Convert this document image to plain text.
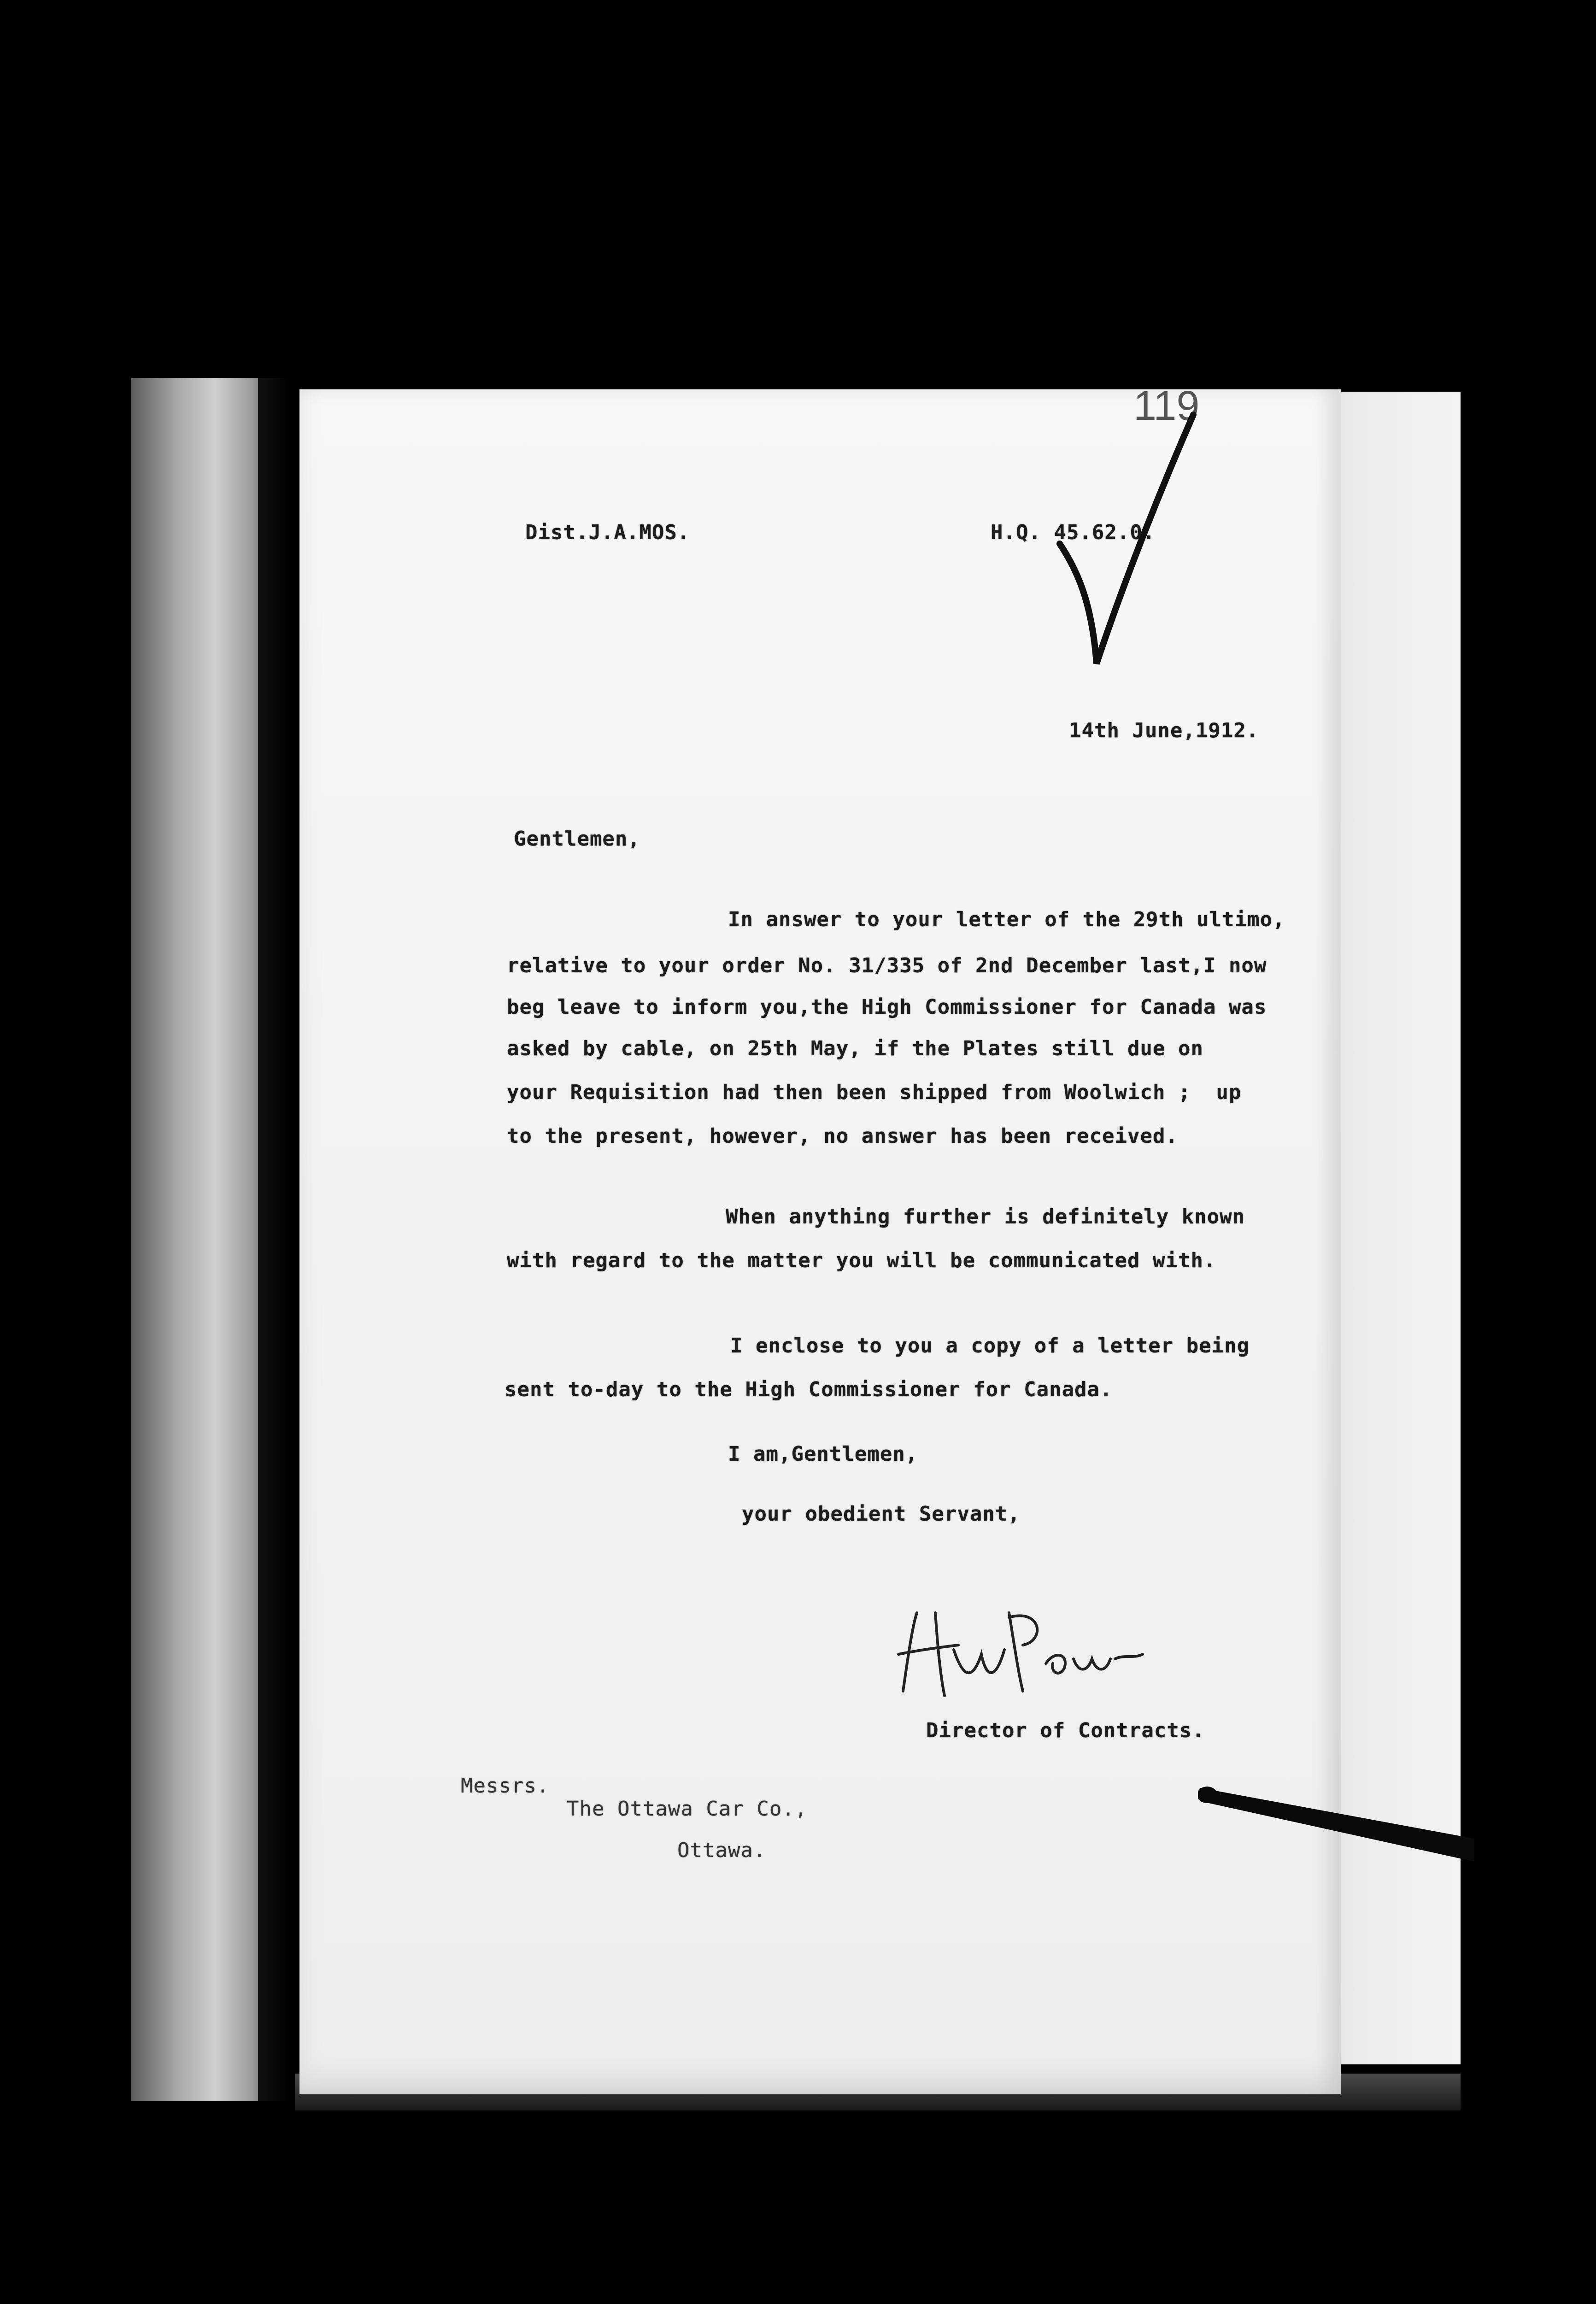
119
Dist.J.A.MOS.	H.Q. 45.62.0.
14th June,1912.
Gentlemen,
In answer to your letter of the 29th ultimo,
relative to your order No. 31/335 of 2nd December last,I now
beg leave to inform you,the High Commissioner for Canada was
asked by cable, on 25th May, if the Plates still due on
your Requisition had then been shipped from Woolwich ;  up
to the present, however, no answer has been received.
When anything further is definitely known
with regard to the matter you will be communicated with.
I enclose to you a copy of a letter being
sent to-day to the High Commissioner for Canada.
I am,Gentlemen,
your obedient Servant,
Director of Contracts.
Messrs.
The Ottawa Car Co.,
Ottawa.
